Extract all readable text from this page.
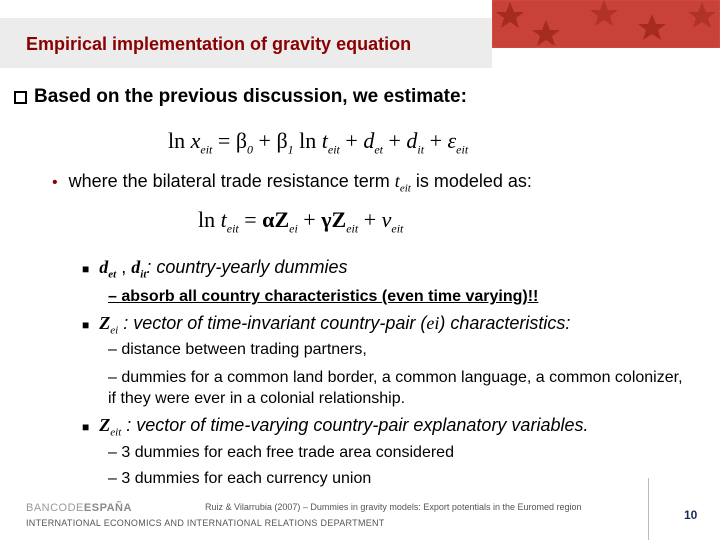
Empirical implementation of gravity equation
Based on the previous discussion, we estimate:
$\ln x_{eit} = \beta_0 + \beta_1$ $\ln t_{eit} + d_{et} + d_{it} + \varepsilon_{eit}$
• where the bilateral trade resistance term $t_{eit}$ is modeled as:
$\ln t_{eit} = \alpha Z_{ei} + \gamma Z_{eit} + \nu_{eit}$
■ $d_{et}$ , $d_{it}$: country-yearly dummies
– absorb all country characteristics (even time varying)!!
■ $Z_{ei}$ : vector of time-invariant country-pair (ei) characteristics:
– distance between trading partners,
– dummies for a common land border, a common language, a common colonizer, if they were ever in a colonial relationship.
■ $Z_{eit}$ : vector of time-varying country-pair explanatory variables.
– 3 dummies for each free trade area considered
– 3 dummies for each currency union
BANCODEESPAÑA
INTERNATIONAL ECONOMICS AND INTERNATIONAL RELATIONS DEPARTMENT
Ruiz & Vilarrubia (2007) – Dummies in gravity models: Export potentials in the Euromed region
10
